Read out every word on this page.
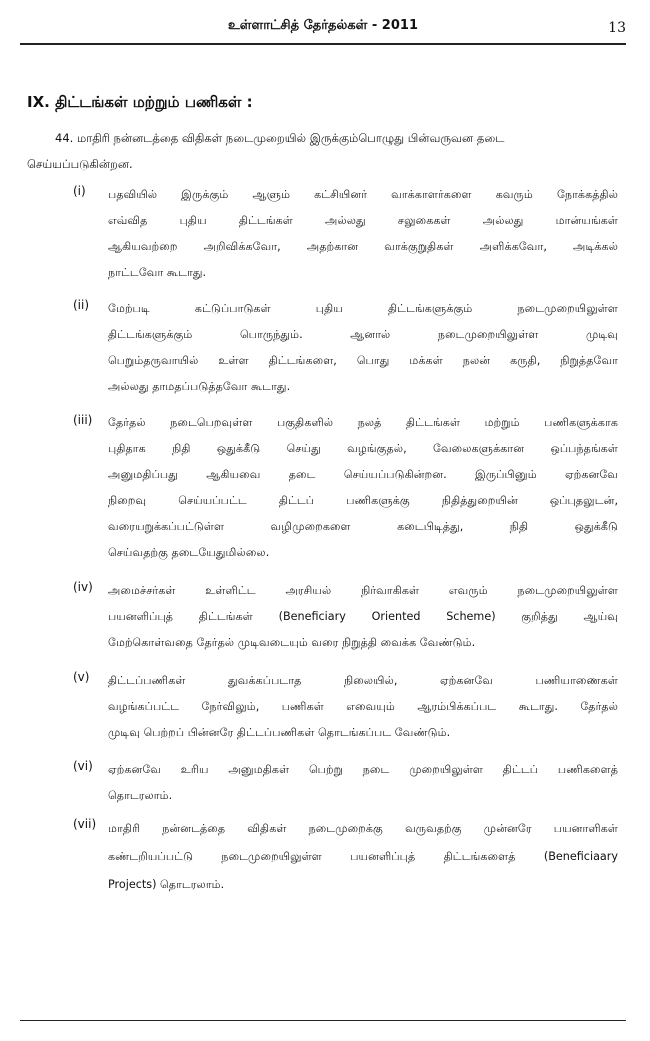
உள்ளாட்சித் தேர்தல்கள் - 2011	13
IX. திட்டங்கள் மற்றும் பணிகள் :
44. மாதிரி நன்னடத்தை விதிகள் நடைமுறையில் இருக்கும்பொழுது பின்வருவன தடை
செய்யப்படுகின்றன.
(i) பதவியில் இருக்கும் ஆளும் கட்சியினர் வாக்காளர்களை கவரும் நோக்கத்தில்
எவ்வித புதிய திட்டங்கள் அல்லது சலுகைகள் அல்லது மான்யங்கள்
ஆகியவற்றை அறிவிக்கவோ, அதற்கான வாக்குறுதிகள் அளிக்கவோ, அடிக்கல்
நாட்டவோ கூடாது.
(ii) மேற்படி கட்டுப்பாடுகள் புதிய திட்டங்களுக்கும் நடைமுறையிலுள்ள
திட்டங்களுக்கும் பொருந்தும். ஆனால் நடைமுறையிலுள்ள முடிவு
பெறும்தருவாயில் உள்ள திட்டங்களை, பொது மக்கள் நலன் கருதி, நிறுத்தவோ
அல்லது தாமதப்படுத்தவோ கூடாது.
(iii) தேர்தல் நடைபெறவுள்ள பகுதிகளில் நலத் திட்டங்கள் மற்றும் பணிகளுக்காக
புதிதாக நிதி ஒதுக்கீடு செய்து வழங்குதல், வேலைகளுக்கான ஒப்பந்தங்கள்
அனுமதிப்பது ஆகியவை தடை செய்யப்படுகின்றன. இருப்பினும் ஏற்கனவே
நிறைவு செய்யப்பட்ட திட்டப் பணிகளுக்கு நிதித்துறையின் ஒப்புதலுடன்,
வரையறுக்கப்பட்டுள்ள வழிமுறைகளை கடைபிடித்து, நிதி ஒதுக்கீடு
செய்வதற்கு தடையேதுமில்லை.
(iv) அமைச்சர்கள் உள்ளிட்ட அரசியல் நிர்வாகிகள் எவரும் நடைமுறையிலுள்ள
பயனளிப்புத் திட்டங்கள் (Beneficiary Oriented Scheme) குறித்து ஆய்வு
மேற்கொள்வதை தேர்தல் முடிவடையும் வரை நிறுத்தி வைக்க வேண்டும்.
(v) திட்டப்பணிகள் துவக்கப்படாத நிலையில், ஏற்கனவே பணியாணைகள்
வழங்கப்பட்ட நேர்விலும், பணிகள் எவையும் ஆரம்பிக்கப்பட கூடாது. தேர்தல்
முடிவு பெற்றப் பின்னரே திட்டப்பணிகள் தொடங்கப்பட வேண்டும்.
(vi) ஏற்கனவே உரிய அனுமதிகள் பெற்று நடை முறையிலுள்ள திட்டப் பணிகளைத்
தொடரலாம்.
(vii) மாதிரி நன்னடத்தை விதிகள் நடைமுறைக்கு வருவதற்கு முன்னரே பயனாளிகள்
கண்டறியப்பட்டு நடைமுறையிலுள்ள பயனளிப்புத் திட்டங்களைத் (Beneficiaary
Projects) தொடரலாம்.
